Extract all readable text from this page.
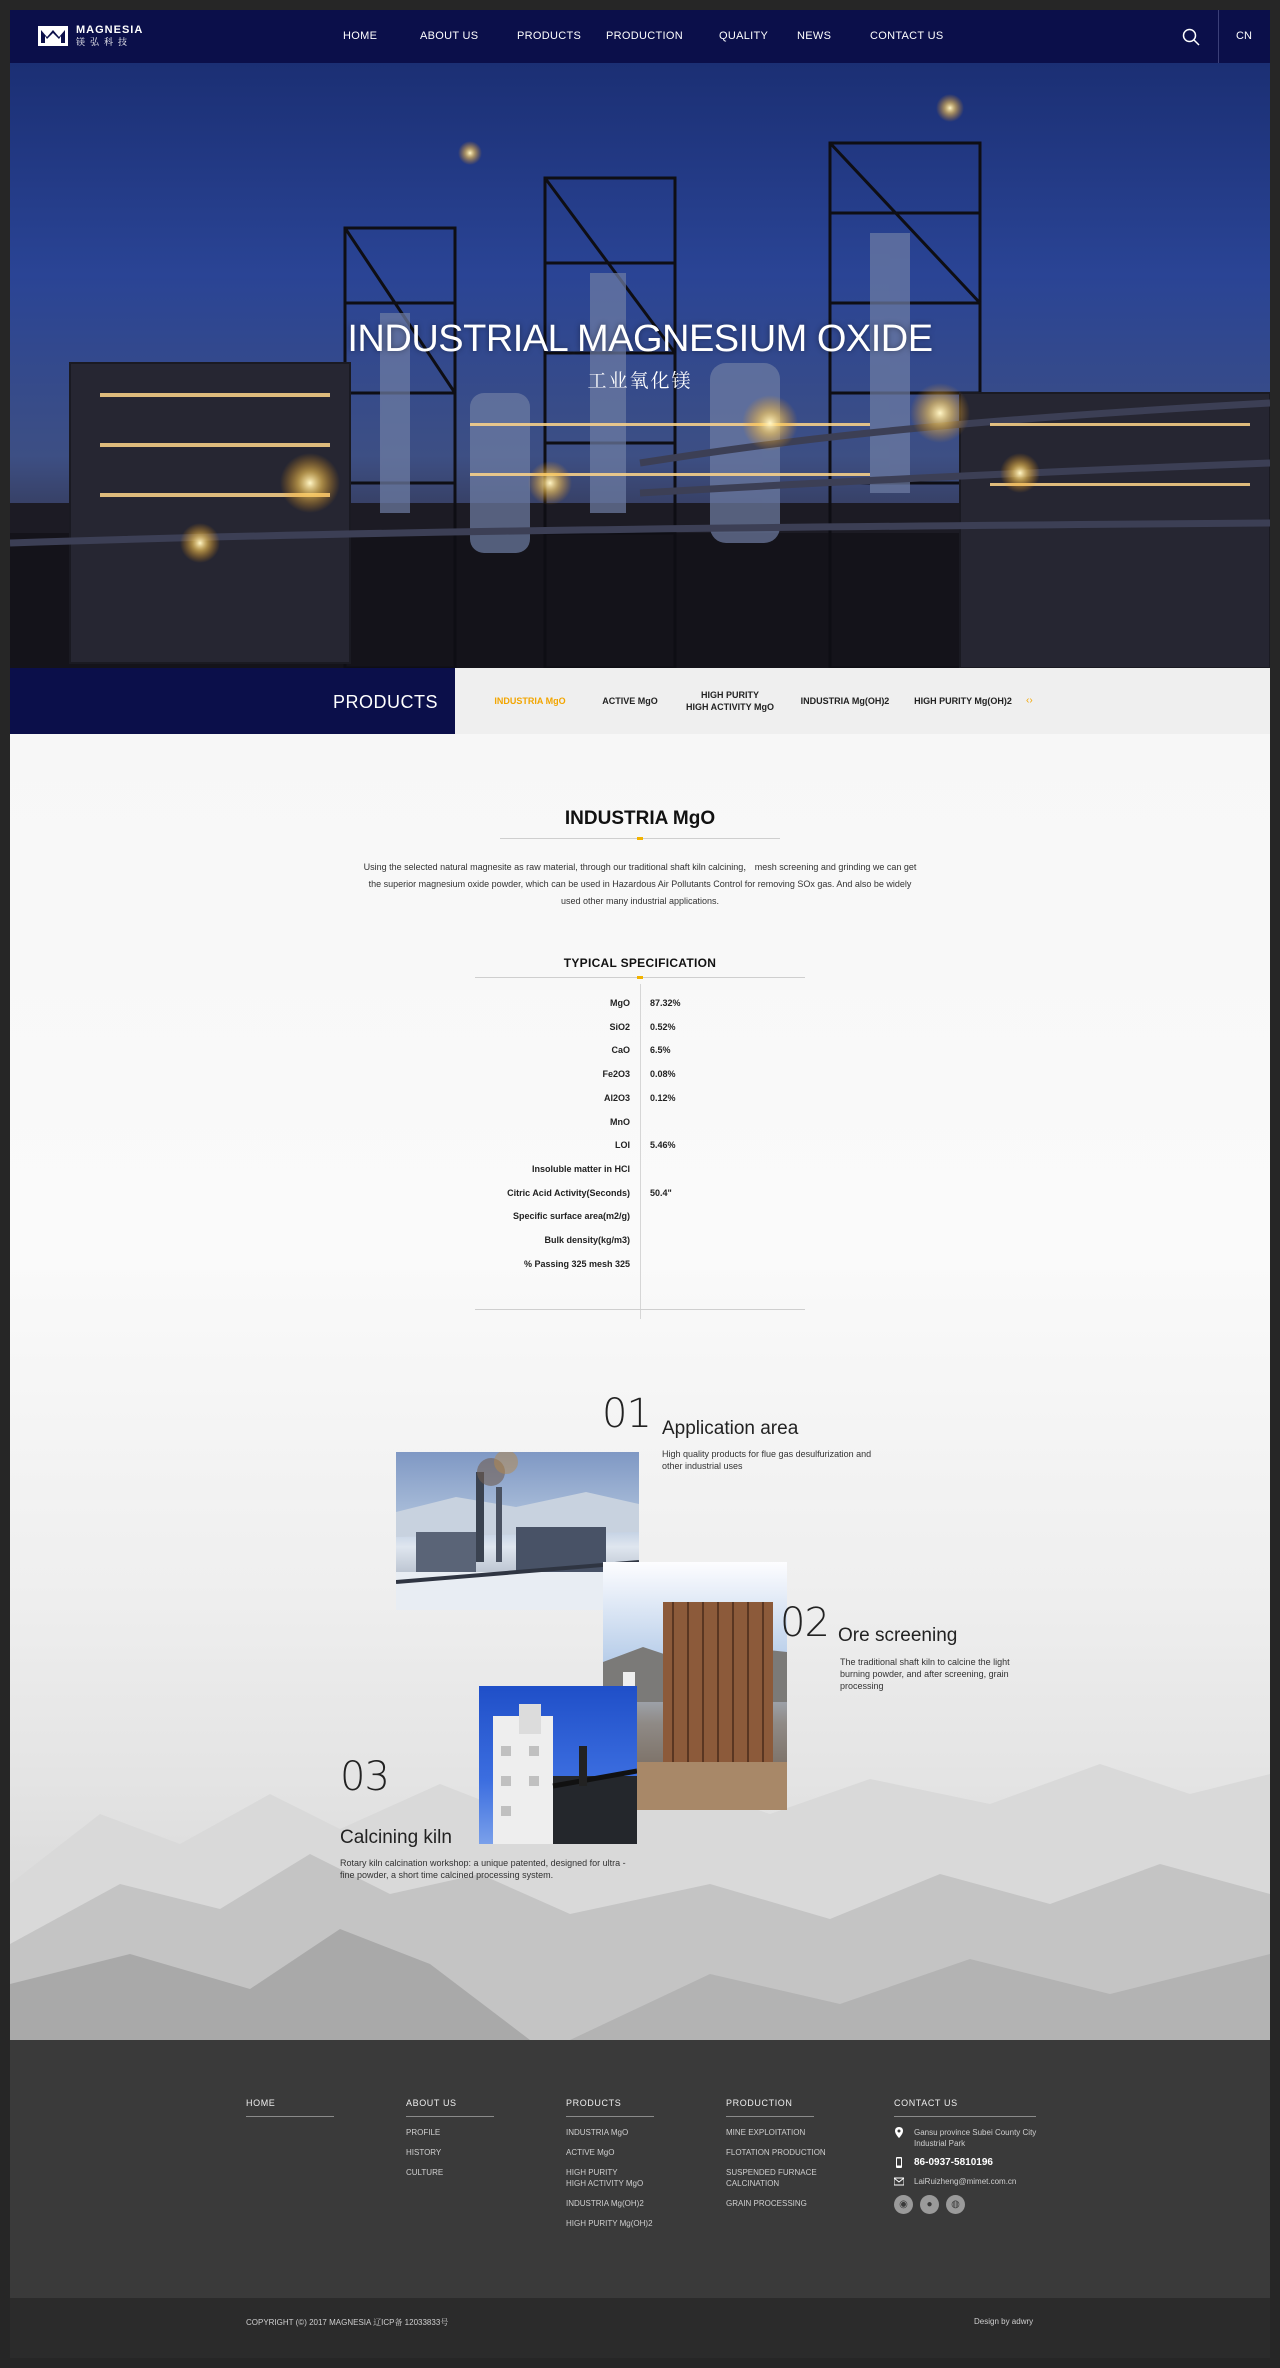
MAGNESIA
镁弘科技	HOME	ABOUT US	PRODUCTS PRODUCTION	QUALITY	NEWS	CONTACT US	CN
INDUSTRIAL MAGNESIUM OXIDE
工业氧化镁
PRODUCTS	INDUSTRIA MgO	ACTIVE MgO
HIGH PURITY
HIGH ACTIVITY MgO
INDUSTRIA Mg(OH)2	HIGH PURITY Mg(OH)2	‹›
INDUSTRIA MgO

Using the selected natural magnesite as raw material, through our traditional shaft kiln calcining， mesh screening and grinding we can get the superior magnesium oxide powder, which can be used in Hazardous Air Pollutants Control for removing SOx gas. And also be widely used other many industrial applications.

TYPICAL SPECIFICATION
MgO 87.32%
SiO2 0.52%
CaO 6.5%
Fe2O3 0.08%
Al2O3 0.12%
MnO
LOI 5.46%
Insoluble matter in HCl
Citric Acid Activity(Seconds) 50.4"
Specific surface area(m2/g)
Bulk density(kg/m3)
% Passing 325 mesh 325
01 Application area
High quality products for flue gas desulfurization and other industrial uses
02 Ore screening
The traditional shaft kiln to calcine the light burning powder, and after screening, grain processing
03
Calcining kiln
Rotary kiln calcination workshop: a unique patented, designed for ultra - fine powder, a short time calcined processing system.
HOME	ABOUT US
PROFILE
HISTORY
CULTURE
PRODUCTS
INDUSTRIA MgO
ACTIVE MgO
HIGH PURITY
HIGH ACTIVITY MgO
INDUSTRIA Mg(OH)2
HIGH PURITY Mg(OH)2
PRODUCTION
MINE EXPLOITATION
FLOTATION PRODUCTION
SUSPENDED FURNACE
CALCINATION
GRAIN PROCESSING
CONTACT US
Gansu province Subei County City Industrial Park
86-0937-5810196
LaiRuizheng@mimet.com.cn
◉	●	◍
COPYRIGHT (©) 2017 MAGNESIA 辽ICP备 12033833号	Design by adwry
